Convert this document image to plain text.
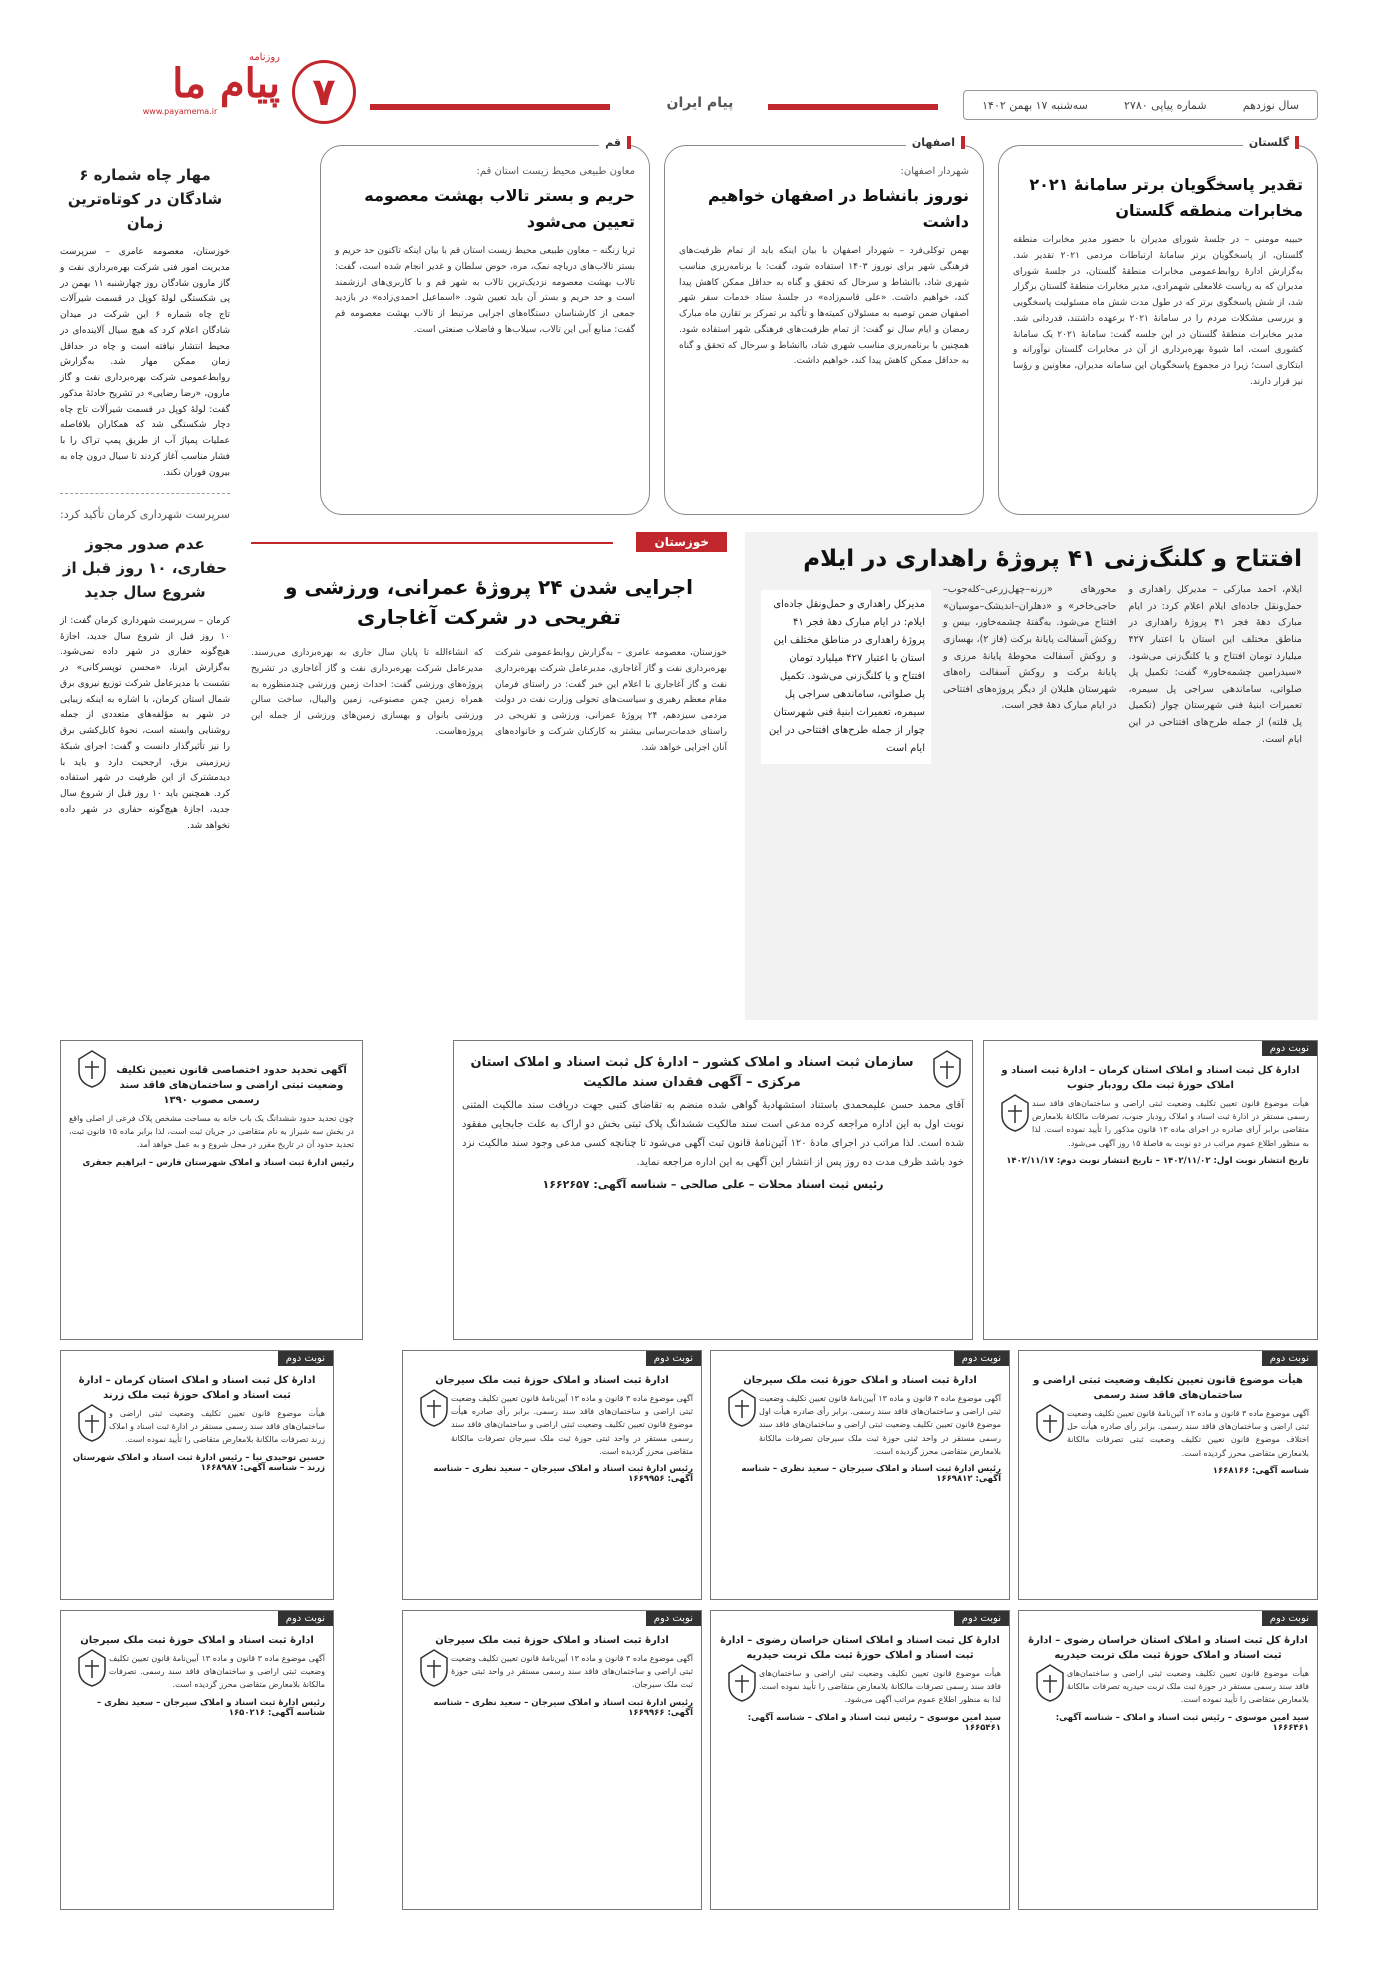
سال نوزدهم
شماره پیاپی ۲۷۸۰
سه‌شنبه ۱۷ بهمن ۱۴۰۲
پیام ایران
۷
روزنامه
پیام ما
www.payamema.ir
گلستان
تقدیر پاسخگویان برتر سامانۀ ۲۰۲۱ مخابرات منطقه گلستان
حبیبه مومنی – در جلسۀ شورای مدیران با حضور مدیر مخابرات منطقه گلستان، از پاسخگویان برتر سامانۀ ارتباطات مردمی ۲۰۲۱ تقدیر شد. به‌گزارش ادارۀ روابط‌عمومی مخابرات منطقۀ گلستان، در جلسۀ شورای مدیران که به ریاست غلامعلی شهمرادی، مدیر مخابرات منطقۀ گلستان برگزار شد، از شش پاسخگوی برتر که در طول مدت شش ماه مسئولیت پاسخگویی و بررسی مشکلات مردم را در سامانۀ ۲۰۲۱ برعهده داشتند، قدردانی شد. مدیر مخابرات منطقۀ گلستان در این جلسه گفت: سامانۀ ۲۰۲۱ یک سامانۀ کشوری است، اما شیوۀ بهره‌برداری از آن در مخابرات گلستان نوآورانه و ابتکاری است؛ زیرا در مجموع پاسخگویان این سامانه مدیران، معاونین و رؤسا نیز قرار دارند.
اصفهان
شهردار اصفهان:
نوروز بانشاط‌ در اصفهان خواهیم داشت
بهمن توکلی‌فرد – شهردار اصفهان با بیان اینکه باید از تمام ظرفیت‌های فرهنگی شهر برای نوروز ۱۴۰۳ استفاده شود، گفت: با برنامه‌ریزی مناسب شهری شاد، باانشاط و سرحال که تحقق و گناه به حداقل ممکن کاهش پیدا کند، خواهیم داشت. «علی قاسم‌زاده» در جلسۀ ستاد خدمات سفر شهر اصفهان ضمن توصیه به مسئولان کمیته‌ها و تأکید بر تمرکز بر تقارن ماه مبارک رمضان و ایام سال نو گفت: از تمام ظرفیت‌های فرهنگی شهر استفاده شود. همچنین با برنامه‌ریزی مناسب شهری شاد، باانشاط و سرحال که تحقق و گناه به حداقل ممکن کاهش پیدا کند، خواهیم داشت.
قم
معاون طبیعی محیط زیست استان قم:
حریم و بستر تالاب بهشت معصومه تعیین می‌شود
ثریا زنگنه – معاون طبیعی محیط زیست استان قم با بیان اینکه تاکنون حد حریم و بستر تالاب‌های دریاچه نمک، مره، حوض سلطان و غدیر انجام شده است، گفت: تالاب بهشت معصومه نزدیک‌ترین تالاب به شهر قم و با کاربری‌های ارزشمند است و حد حریم و بستر آن باید تعیین شود. «اسماعیل احمدی‌زاده» در بازدید جمعی از کارشناسان دستگاه‌های اجرایی مرتبط از تالاب بهشت معصومه قم گفت: منابع آبی این تالاب، سیلاب‌ها و فاضلاب صنعتی است.
مهار چاه شماره ۶ شادگان در کوتاه‌ترین زمان
خوزستان، معصومه عامری – سرپرست مدیریت امور فنی شرکت بهره‌برداری نفت و گاز مارون شادگان روز چهارشنبه ۱۱ بهمن در پی شکستگی لولۀ کوپل در قسمت شیرآلات تاج چاه شماره ۶ این شرکت در میدان شادگان اعلام کرد که هیچ سیال آلاینده‌ای در محیط انتشار نیافته است و چاه در حداقل زمان ممکن مهار شد. به‌گزارش روابط‌عمومی شرکت بهره‌برداری نفت و گاز مارون، «رضا رضایی» در تشریح حادثۀ مذکور گفت: لولۀ کوپل در قسمت شیرآلات تاج چاه دچار شکستگی شد که همکاران بلافاصله عملیات پمپاژ آب از طریق پمپ تراک را با فشار مناسب آغاز کردند تا سیال درون چاه به بیرون فوران نکند.
سرپرست شهرداری کرمان تأکید کرد:
عدم صدور مجوز حفاری، ۱۰ روز قبل از شروع سال جدید
کرمان – سرپرست شهرداری کرمان گفت: از ۱۰ روز قبل از شروع سال جدید، اجازۀ هیچ‌گونه حفاری در شهر داده نمی‌شود. به‌گزارش ایرنا، «محسن توپسرکانی» در نشست با مدیرعامل شرکت توزیع نیروی برق شمال استان کرمان، با اشاره به اینکه زیبایی در شهر به مؤلفه‌های متعددی از جمله روشنایی وابسته است، نحوۀ کابل‌کشی برق را نیز تأثیرگذار دانست و گفت: اجرای شبکۀ زیرزمینی برق، ارجحیت دارد و باید با دیدمشترک از این ظرفیت در شهر استفاده کرد. همچنین باید ۱۰ روز قبل از شروع سال جدید، اجازۀ هیچ‌گونه حفاری در شهر داده نخواهد شد.
افتتاح و کلنگ‌زنی ۴۱ پروژۀ راهداری در ایلام
ایلام، احمد مبارکی – مدیرکل راهداری و حمل‌ونقل جاده‌ای ایلام اعلام کرد: در ایام مبارک دهۀ فجر ۴۱ پروژۀ راهداری در مناطق مختلف این استان با اعتبار ۴۲۷ میلیارد تومان افتتاح و یا کلنگ‌زنی می‌شود. «سیدرامین چشمه‌خاور» گفت: تکمیل پل صلواتی، ساماندهی سراجی پل سیمره، تعمیرات ابنیۀ فنی شهرستان چوار (تکمیل پل قلته) از جمله طرح‌های افتتاحی در این ایام است.
محورهای «زرنه–چهل‌زرعی–کله‌جوب–حاجی‌خاخر» و «دهلران–اندیشک–موسیان» افتتاح می‌شود. به‌گفتۀ چشمه‌خاور، بیس و روکش آسفالت پایانۀ برکت (فاز ۲)، بهسازی و روکش آسفالت محوطۀ پایانۀ مرزی و پایانۀ برکت و روکش آسفالت راه‌های شهرستان هلیلان از دیگر پروژه‌های افتتاحی در ایام مبارک دهۀ فجر است.
مدیرکل راهداری و حمل‌ونقل جاده‌ای ایلام: در ایام مبارک دهۀ فجر ۴۱ پروژۀ راهداری در مناطق مختلف این استان با اعتبار ۴۲۷ میلیارد تومان افتتاح و یا کلنگ‌زنی می‌شود. تکمیل پل صلواتی، ساماندهی سراجی پل سیمره، تعمیرات ابنیۀ فنی شهرستان چوار از جمله طرح‌های افتتاحی در این ایام است
خوزستان
اجرایی شدن ۲۴ پروژۀ عمرانی، ورزشی و تفریحی در شرکت آغاجاری
خوزستان، معصومه عامری – به‌گزارش روابط‌عمومی شرکت بهره‌برداری نفت و گاز آغاجاری، مدیرعامل شرکت بهره‌برداری نفت و گاز آغاجاری با اعلام این خبر گفت: در راستای فرمان مقام معظم رهبری و سیاست‌های تحولی وزارت نفت در دولت مردمی سیزدهم، ۲۴ پروژۀ عمرانی، ورزشی و تفریحی در راستای خدمات‌رسانی بیشتر به کارکنان شرکت و خانواده‌های آنان اجرایی خواهد شد.
که انشاءالله تا پایان سال جاری به بهره‌برداری می‌رسند. مدیرعامل شرکت بهره‌برداری نفت و گاز آغاجاری در تشریح پروژه‌های ورزشی گفت: احداث زمین ورزشی چندمنظوره به همراه زمین چمن مصنوعی، زمین والیبال، ساخت سالن ورزشی بانوان و بهسازی زمین‌های ورزشی از جمله این پروژه‌هاست.
نوبت دوم
ادارۀ کل ثبت اسناد و املاک استان کرمان – ادارۀ ثبت اسناد و املاک حوزۀ ثبت ملک رودبار جنوب
هیأت موضوع قانون تعیین تکلیف وضعیت ثبتی اراضی و ساختمان‌های فاقد سند رسمی مستقر در ادارۀ ثبت اسناد و املاک رودبار جنوب، تصرفات مالکانۀ بلامعارض متقاضی برابر آرای صادره در اجرای ماده ۱۳ قانون مذکور را تأیید نموده است. لذا به منظور اطلاع عموم مراتب در دو نوبت به فاصلۀ ۱۵ روز آگهی می‌شود.
تاریخ انتشار نوبت اول: ۱۴۰۲/۱۱/۰۲ – تاریخ انتشار نوبت دوم: ۱۴۰۲/۱۱/۱۷
سازمان ثبت اسناد و املاک کشور – ادارۀ کل ثبت اسناد و املاک استان مرکزی – آگهی فقدان سند مالکیت
آقای محمد حسن علیمحمدی باستناد استشهادیۀ گواهی شده منضم به تقاضای کتبی جهت دریافت سند مالکیت المثنی نوبت اول به این اداره مراجعه کرده مدعی است سند مالکیت ششدانگ پلاک ثبتی بخش دو اراک به علت جابجایی مفقود شده است. لذا مراتب در اجرای مادۀ ۱۲۰ آئین‌نامۀ قانون ثبت آگهی می‌شود تا چنانچه کسی مدعی وجود سند مالکیت نزد خود باشد ظرف مدت ده روز پس از انتشار این آگهی به این اداره مراجعه نماید.
رئیس ثبت اسناد محلات – علی صالحی – شناسه آگهی: ۱۶۶۲۶۵۷
آگهی تحدید حدود اختصاصی قانون تعیین تکلیف وضعیت ثبتی اراضی و ساختمان‌های فاقد سند رسمی مصوب ۱۳۹۰
چون تحدید حدود ششدانگ یک باب خانه به مساحت مشخص پلاک فرعی از اصلی واقع در بخش سه شیراز به نام متقاضی در جریان ثبت است، لذا برابر ماده ۱۵ قانون ثبت، تحدید حدود آن در تاریخ مقرر در محل شروع و به عمل خواهد آمد.
رئیس ادارۀ ثبت اسناد و املاک شهرستان فارس – ابراهیم جعفری
نوبت دوم
هیأت موضوع قانون تعیین تکلیف وضعیت ثبتی اراضی و ساختمان‌های فاقد سند رسمی
آگهی موضوع ماده ۳ قانون و ماده ۱۳ آئین‌نامۀ قانون تعیین تکلیف وضعیت ثبتی اراضی و ساختمان‌های فاقد سند رسمی. برابر رأی صادره هیأت حل اختلاف موضوع قانون تعیین تکلیف وضعیت ثبتی تصرفات مالکانۀ بلامعارض متقاضی محرز گردیده است.
شناسه آگهی: ۱۶۶۸۱۶۶
نوبت دوم
ادارۀ ثبت اسناد و املاک حوزۀ ثبت ملک سیرجان
آگهی موضوع ماده ۳ قانون و ماده ۱۳ آیین‌نامۀ قانون تعیین تکلیف وضعیت ثبتی اراضی و ساختمان‌های فاقد سند رسمی. برابر رأی صادره هیأت اول موضوع قانون تعیین تکلیف وضعیت ثبتی اراضی و ساختمان‌های فاقد سند رسمی مستقر در واحد ثبتی حوزۀ ثبت ملک سیرجان تصرفات مالکانۀ بلامعارض متقاضی محرز گردیده است.
رئیس ادارۀ ثبت اسناد و املاک سیرجان – سعید نظری – شناسه آگهی: ۱۶۶۹۸۱۲
نوبت دوم
ادارۀ ثبت اسناد و املاک حوزۀ ثبت ملک سیرجان
آگهی موضوع ماده ۳ قانون و ماده ۱۳ آیین‌نامۀ قانون تعیین تکلیف وضعیت ثبتی اراضی و ساختمان‌های فاقد سند رسمی. برابر رأی صادره هیأت موضوع قانون تعیین تکلیف وضعیت ثبتی اراضی و ساختمان‌های فاقد سند رسمی مستقر در واحد ثبتی حوزۀ ثبت ملک سیرجان تصرفات مالکانۀ متقاضی محرز گردیده است.
رئیس ادارۀ ثبت اسناد و املاک سیرجان – سعید نظری – شناسه آگهی: ۱۶۶۹۹۵۶
نوبت دوم
ادارۀ کل ثبت اسناد و املاک استان کرمان – ادارۀ ثبت اسناد و املاک حوزۀ ثبت ملک زرند
هیأت موضوع قانون تعیین تکلیف وضعیت ثبتی اراضی و ساختمان‌های فاقد سند رسمی مستقر در ادارۀ ثبت اسناد و املاک زرند تصرفات مالکانۀ بلامعارض متقاضی را تأیید نموده است.
حسین توحیدی نیا – رئیس ادارۀ ثبت اسناد و املاک شهرستان زرند – شناسه آگهی: ۱۶۶۸۹۸۷
نوبت دوم
ادارۀ کل ثبت اسناد و املاک استان خراسان رضوی – ادارۀ ثبت اسناد و املاک حوزۀ ثبت ملک تربت حیدریه
هیأت موضوع قانون تعیین تکلیف وضعیت ثبتی اراضی و ساختمان‌های فاقد سند رسمی مستقر در حوزۀ ثبت ملک تربت حیدریه تصرفات مالکانۀ بلامعارض متقاضی را تأیید نموده است.
سید امین موسوی – رئیس ثبت اسناد و املاک – شناسه آگهی: ۱۶۶۶۴۶۱
نوبت دوم
ادارۀ کل ثبت اسناد و املاک استان خراسان رضوی – ادارۀ ثبت اسناد و املاک حوزۀ ثبت ملک تربت حیدریه
هیأت موضوع قانون تعیین تکلیف وضعیت ثبتی اراضی و ساختمان‌های فاقد سند رسمی تصرفات مالکانۀ بلامعارض متقاضی را تأیید نموده است. لذا به منظور اطلاع عموم مراتب آگهی می‌شود.
سید امین موسوی – رئیس ثبت اسناد و املاک – شناسه آگهی: ۱۶۶۵۴۶۱
نوبت دوم
ادارۀ ثبت اسناد و املاک حوزۀ ثبت ملک سیرجان
آگهی موضوع ماده ۳ قانون و ماده ۱۳ آیین‌نامۀ قانون تعیین تکلیف وضعیت ثبتی اراضی و ساختمان‌های فاقد سند رسمی مستقر در واحد ثبتی حوزۀ ثبت ملک سیرجان.
رئیس ادارۀ ثبت اسناد و املاک سیرجان – سعید نظری – شناسه آگهی: ۱۶۶۹۹۶۶
نوبت دوم
ادارۀ ثبت اسناد و املاک حوزۀ ثبت ملک سیرجان
آگهی موضوع ماده ۳ قانون و ماده ۱۳ آیین‌نامۀ قانون تعیین تکلیف وضعیت ثبتی اراضی و ساختمان‌های فاقد سند رسمی. تصرفات مالکانۀ بلامعارض متقاضی محرز گردیده است.
رئیس ادارۀ ثبت اسناد و املاک سیرجان – سعید نظری – شناسه آگهی: ۱۶۵۰۲۱۶
